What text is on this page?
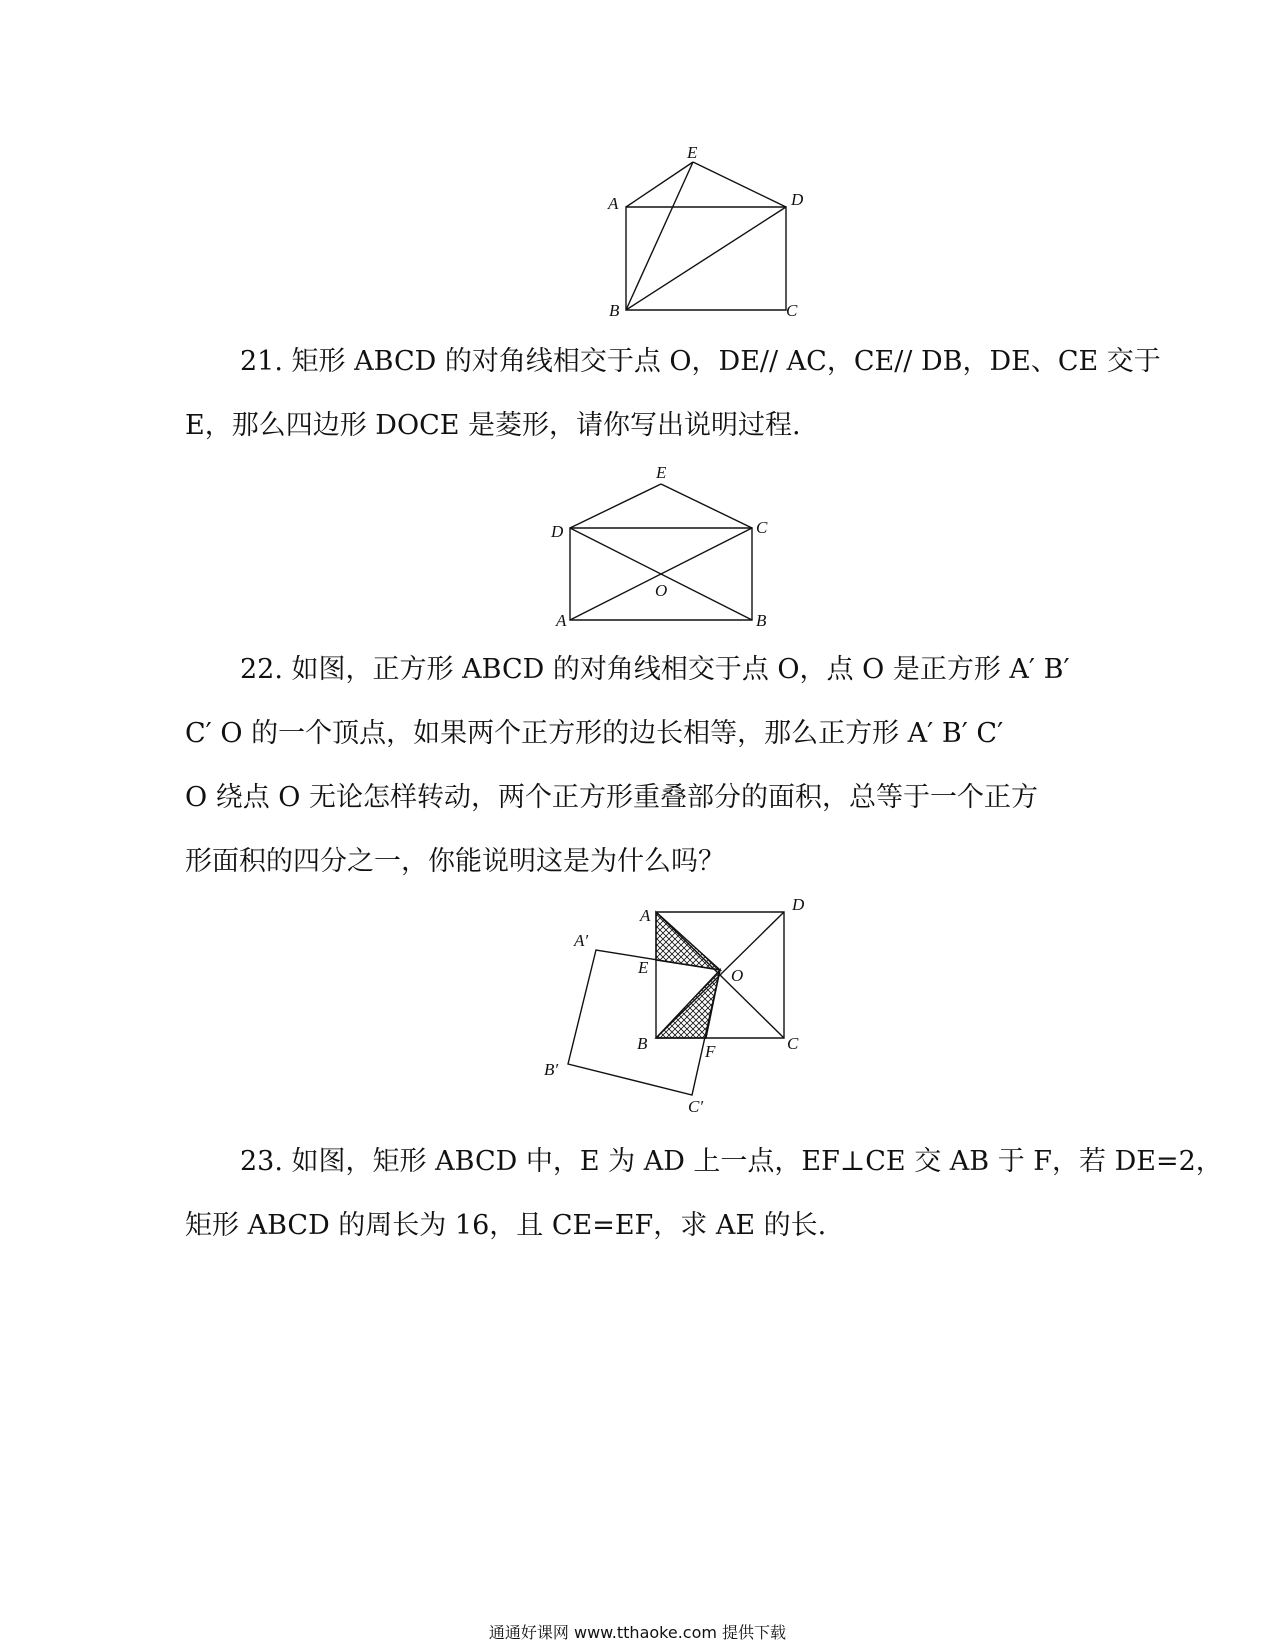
E
A	D
B	C

21. 矩形 ABCD 的对角线相交于点 O，DE// AC，CE// DB，DE、CE 交于
E，那么四边形 DOCE 是菱形，请你写出说明过程.

E
D	C
O
A	B

22. 如图，正方形 ABCD 的对角线相交于点 O，点 O 是正方形 A′ B′
C′ O 的一个顶点，如果两个正方形的边长相等，那么正方形 A′ B′ C′
O 绕点 O 无论怎样转动，两个正方形重叠部分的面积，总等于一个正方
形面积的四分之一，你能说明这是为什么吗？

A
D
A′
E	O
B	F	C
B′
C′

23. 如图，矩形 ABCD 中，E 为 AD 上一点，EF⊥CE 交 AB 于 F，若 DE=2，
矩形 ABCD 的周长为 16，且 CE=EF，求 AE 的长.

通通好课网 www.tthaoke.com 提供下载
